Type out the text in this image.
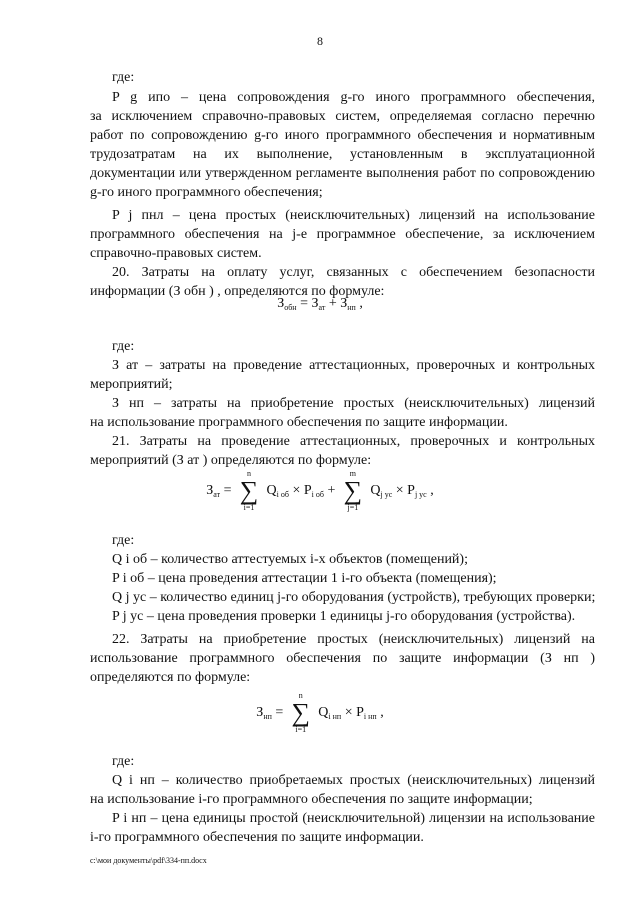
8
где:
P g ипо – цена сопровождения g-го иного программного обеспечения,
за исключением справочно-правовых систем, определяемая согласно перечню
работ по сопровождению g-го иного программного обеспечения и нормативным
трудозатратам на их выполнение, установленным в эксплуатационной
документации или утвержденном регламенте выполнения работ по сопровождению
g-го иного программного обеспечения;
P j пнл – цена простых (неисключительных) лицензий на использование
программного обеспечения на j-е программное обеспечение, за исключением
справочно-правовых систем.
20. Затраты на оплату услуг, связанных с обеспечением безопасности
информации (З обн ) , определяются по формуле:
где:
З ат – затраты на проведение аттестационных, проверочных и контрольных
мероприятий;
З нп – затраты на приобретение простых (неисключительных) лицензий
на использование программного обеспечения по защите информации.
21. Затраты на проведение аттестационных, проверочных и контрольных
мероприятий (З ат ) определяются по формуле:
где:
Q i об – количество аттестуемых i-х объектов (помещений);
P i об – цена проведения аттестации 1 i-го объекта (помещения);
Q j ус – количество единиц j-го оборудования (устройств), требующих проверки;
P j ус – цена проведения проверки 1 единицы j-го оборудования (устройства).
22. Затраты на приобретение простых (неисключительных) лицензий на
использование программного обеспечения по защите информации (З нп )
определяются по формуле:
где:
Q i нп – количество приобретаемых простых (неисключительных) лицензий
на использование i-го программного обеспечения по защите информации;
P i нп – цена единицы простой (неисключительной) лицензии на использование
i-го программного обеспечения по защите информации.
$З_{обн} = З_{ат} + З_{нп}$ ,
$З_{ат}$ =
n
∑
i=1
$Q_{i об} \times P_{i об}$ +
m
∑
j=1
$Q_{j ус} \times P_{j ус}$ ,
$З_{нп}$ =
n
∑
i=1
$Q_{i нп} \times P_{i нп}$ ,
c:\мои документы\pdf\334-пп.docx
